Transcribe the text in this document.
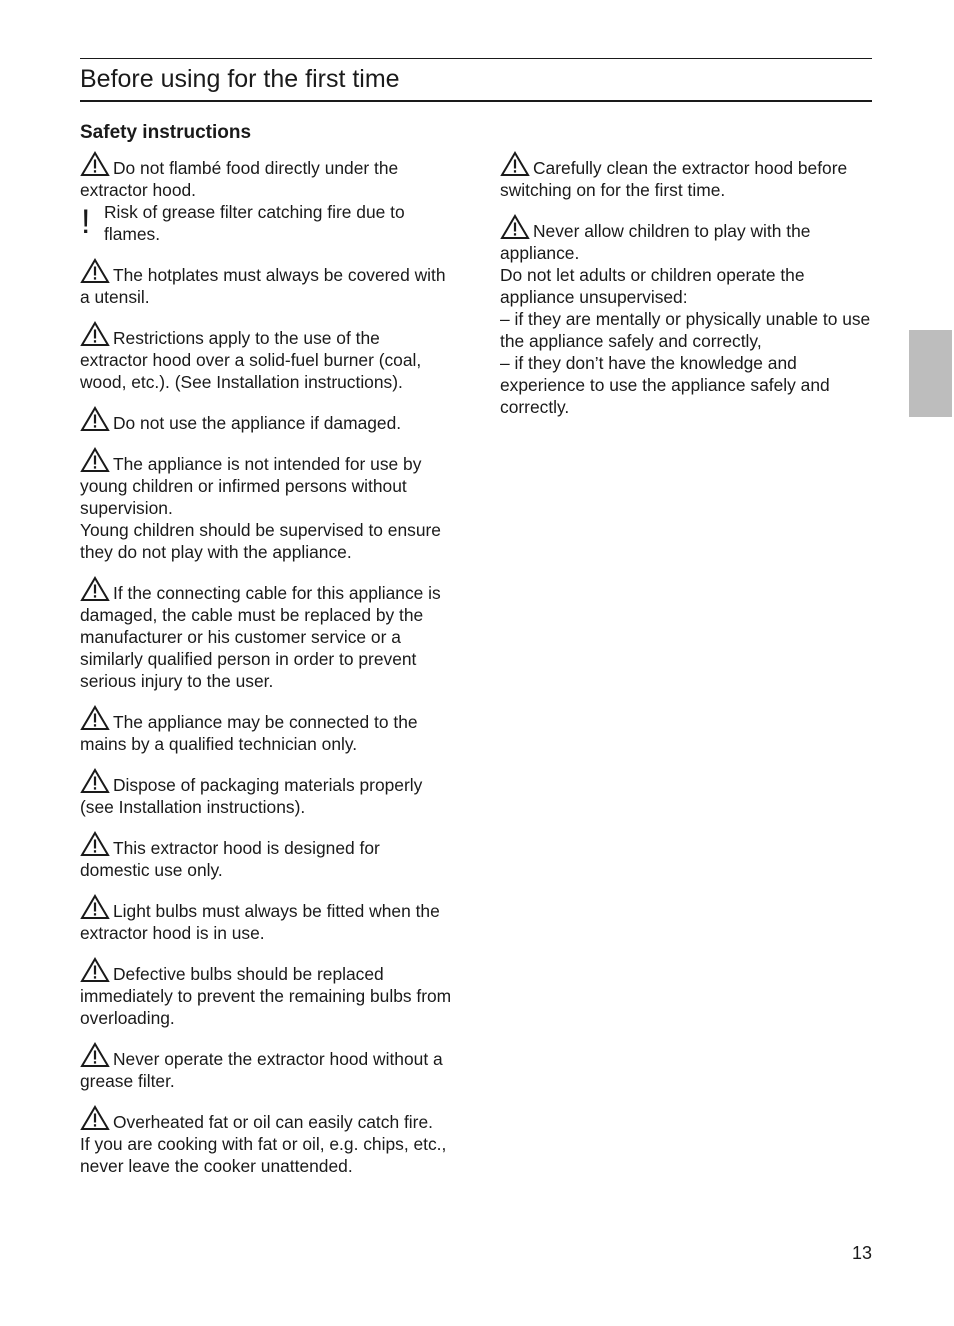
Before using for the first time
Safety instructions

Do not flambé food directly under the extractor hood.

! Risk of grease filter catching fire due to flames.

The hotplates must always be covered with a utensil.

Restrictions apply to the use of the extractor hood over a solid-fuel burner (coal, wood, etc.). (See Installation instructions).

Do not use the appliance if damaged.

The appliance is not intended for use by young children or infirmed persons without supervision.

Young children should be supervised to ensure they do not play with the appliance.

If the connecting cable for this appliance is damaged, the cable must be replaced by the manufacturer or his customer service or a similarly qualified person in order to prevent serious injury to the user.

The appliance may be connected to the mains by a qualified technician only.

Dispose of packaging materials properly (see Installation instructions).

This extractor hood is designed for domestic use only.

Light bulbs must always be fitted when the extractor hood is in use.

Defective bulbs should be replaced immediately to prevent the remaining bulbs from overloading.

Never operate the extractor hood without a grease filter.

Overheated fat or oil can easily catch fire.

If you are cooking with fat or oil, e.g. chips, etc., never leave the cooker unattended.

Carefully clean the extractor hood before switching on for the first time.

Never allow children to play with the appliance.

Do not let adults or children operate the appliance unsupervised:

– if they are mentally or physically unable to use the appliance safely and correctly,

– if they don’t have the knowledge and experience to use the appliance safely and correctly.

13
